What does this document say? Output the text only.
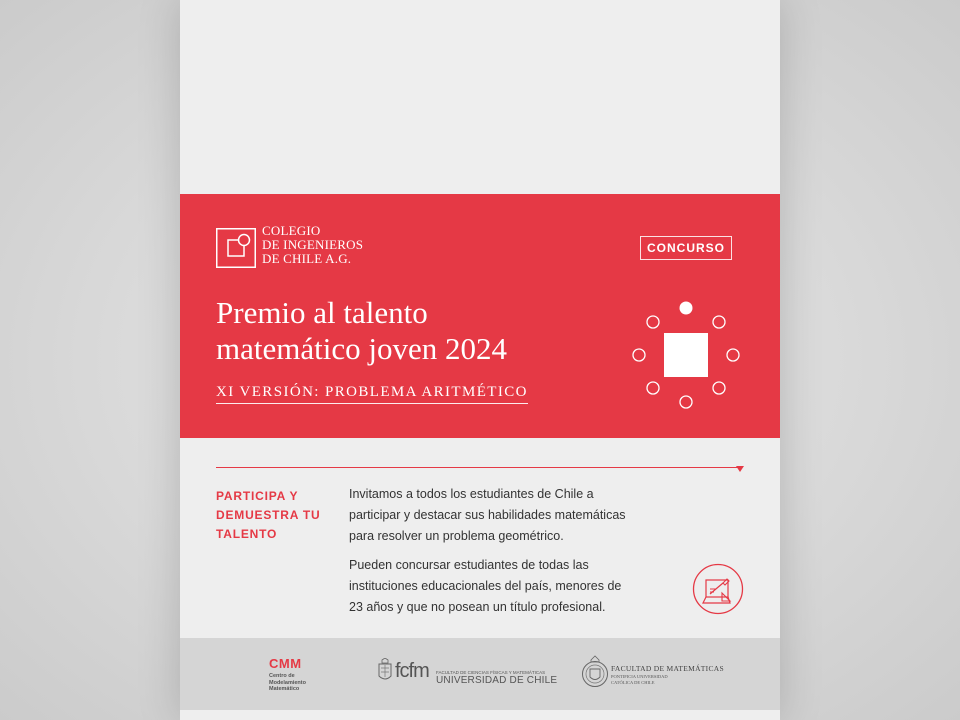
COLEGIO
DE INGENIEROS
DE CHILE A.G.
CONCURSO
Premio al talento
matemático joven 2024
XI VERSIÓN: PROBLEMA ARITMÉTICO
PARTICIPA Y
DEMUESTRA TU
TALENTO

Invitamos a todos los estudiantes de Chile a
participar y destacar sus habilidades matemáticas
para resolver un problema geométrico.

Pueden concursar estudiantes de todas las
instituciones educacionales del país, menores de
23 años y que no posean un título profesional.

CMM
Centro de
Modelamiento
Matemático
fcfm FACULTAD DE CIENCIAS FÍSICAS Y MATEMÁTICAS
UNIVERSIDAD DE CHILE
FACULTAD DE MATEMÁTICAS
PONTIFICIA UNIVERSIDAD
CATÓLICA DE CHILE
